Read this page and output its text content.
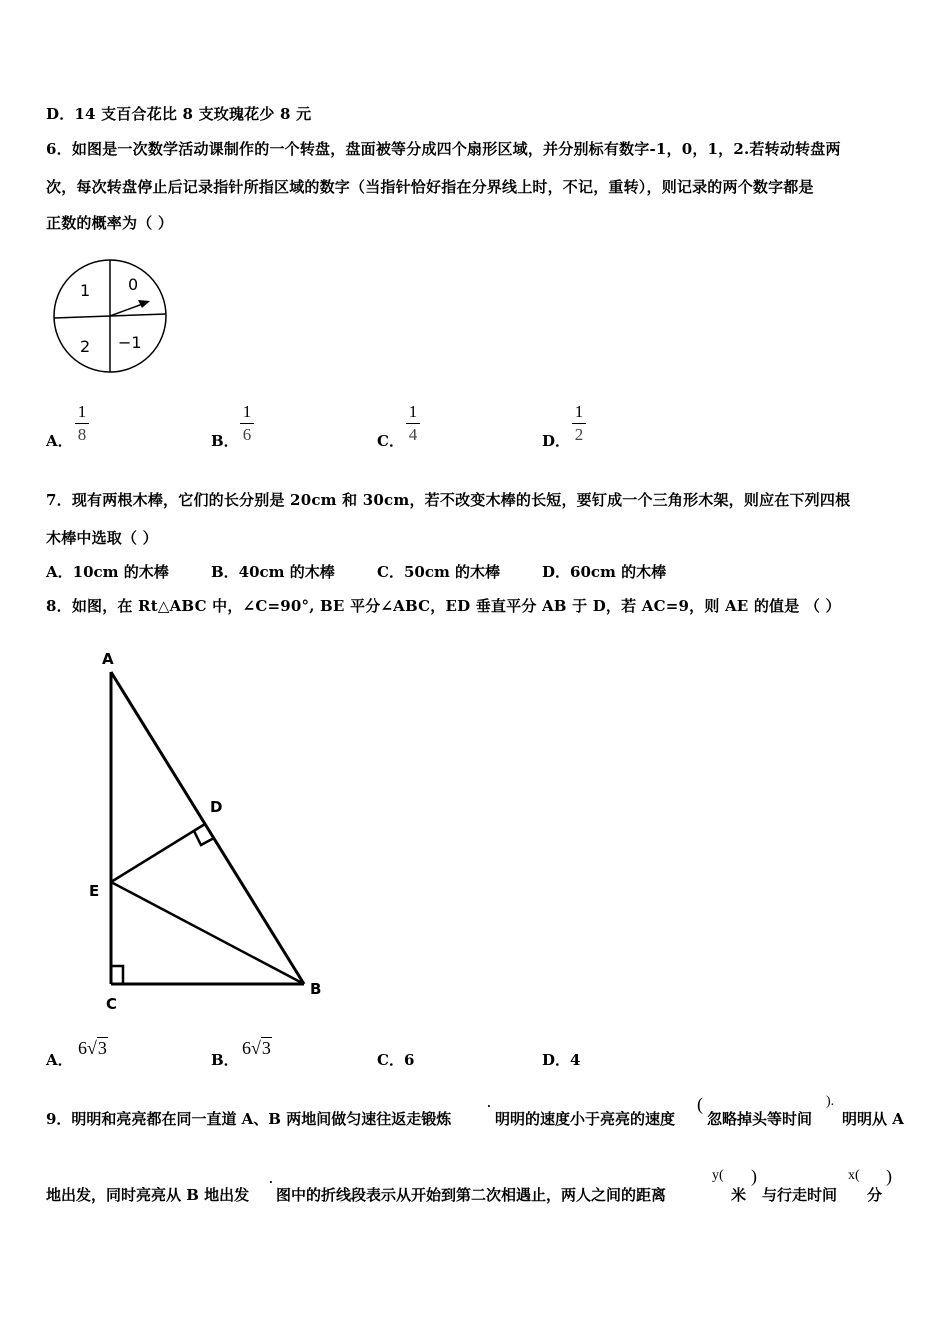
D．14 支百合花比 8 支玫瑰花少 8 元
6．如图是一次数学活动课制作的一个转盘，盘面被等分成四个扇形区域，并分别标有数字-1，0，1，2.若转动转盘两
次，每次转盘停止后记录指针所指区域的数字（当指针恰好指在分界线上时，不记，重转），则记录的两个数字都是
正数的概率为（ ）
1 0
2 −1
A．
1
8	B．
1
6	C．
1
4	D．
1
2
7．现有两根木棒，它们的长分别是 20cm 和 30cm，若不改变木棒的长短，要钉成一个三角形木架，则应在下列四根
木棒中选取（ ）
A．10cm 的木棒	B．40cm 的木棒	C．50cm 的木棒	D．60cm 的木棒
8．如图，在 Rt△ABC 中，∠C=90°, BE 平分∠ABC，ED 垂直平分 AB 于 D，若 AC=9，则 AE 的值是 （ ）
A
D
E
C
B
A．
6√3
B．
6√3
C．6	D．4
9．明明和亮亮都在同一直道 A、B 两地间做匀速往返走锻炼
·
明明的速度小于亮亮的速度
(
忽略掉头等时间
).
明明从 A
地出发，同时亮亮从 B 地出发
·
图中的折线段表示从开始到第二次相遇止，两人之间的距离
y(
米
)
与行走时间
x(
分
)
